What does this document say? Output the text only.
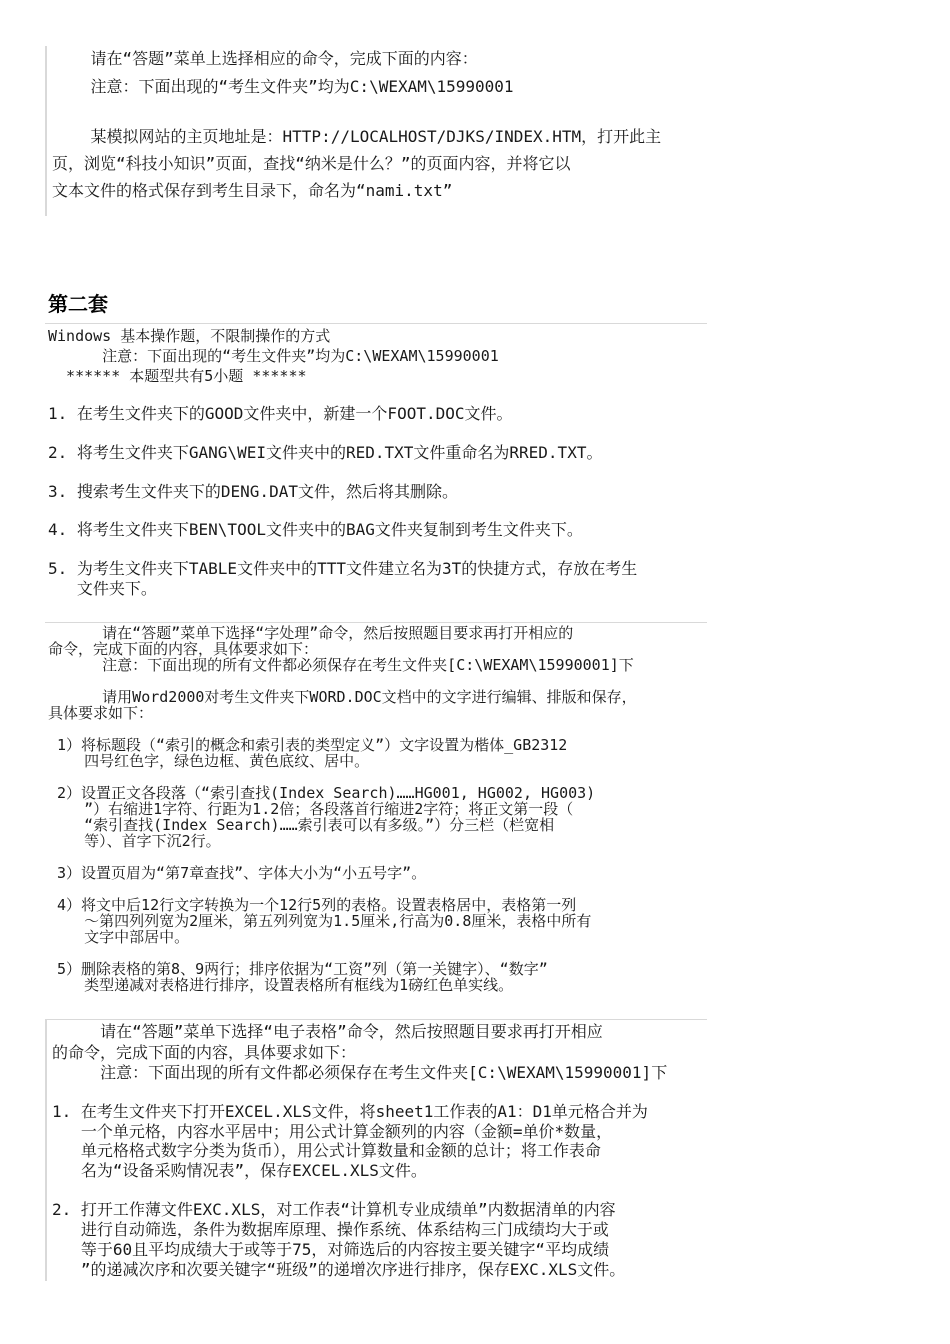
请在“答题”菜单上选择相应的命令，完成下面的内容：
注意：下面出现的“考生文件夹”均为C:\WEXAM\15990001
某模拟网站的主页地址是：HTTP://LOCALHOST/DJKS/INDEX.HTM，打开此主
页，浏览“科技小知识”页面，查找“纳米是什么？”的页面内容，并将它以
文本文件的格式保存到考生目录下，命名为“nami.txt”
第二套
Windows 基本操作题，不限制操作的方式
注意：下面出现的“考生文件夹”均为C:\WEXAM\15990001
****** 本题型共有5小题 ******
1. 在考生文件夹下的GOOD文件夹中，新建一个FOOT.DOC文件。
2. 将考生文件夹下GANG\WEI文件夹中的RED.TXT文件重命名为RRED.TXT。
3. 搜索考生文件夹下的DENG.DAT文件，然后将其删除。
4. 将考生文件夹下BEN\TOOL文件夹中的BAG文件夹复制到考生文件夹下。
5. 为考生文件夹下TABLE文件夹中的TTT文件建立名为3T的快捷方式，存放在考生
文件夹下。
请在“答题”菜单下选择“字处理”命令，然后按照题目要求再打开相应的
命令，完成下面的内容，具体要求如下：
注意：下面出现的所有文件都必须保存在考生文件夹[C:\WEXAM\15990001]下
请用Word2000对考生文件夹下WORD.DOC文档中的文字进行编辑、排版和保存，
具体要求如下：
1）将标题段（“索引的概念和索引表的类型定义”）文字设置为楷体_GB2312
四号红色字，绿色边框、黄色底纹、居中。
2）设置正文各段落（“索引查找(Index Search)……HG001, HG002, HG003)
”）右缩进1字符、行距为1.2倍；各段落首行缩进2字符；将正文第一段（
“索引查找(Index Search)……索引表可以有多级。”）分三栏（栏宽相
等）、首字下沉2行。
3）设置页眉为“第7章查找”、字体大小为“小五号字”。
4）将文中后12行文字转换为一个12行5列的表格。设置表格居中，表格第一列
～第四列列宽为2厘米，第五列列宽为1.5厘米,行高为0.8厘米，表格中所有
文字中部居中。
5）删除表格的第8、9两行；排序依据为“工资”列（第一关键字）、“数字”
类型递减对表格进行排序，设置表格所有框线为1磅红色单实线。
请在“答题”菜单下选择“电子表格”命令，然后按照题目要求再打开相应
的命令，完成下面的内容，具体要求如下：
注意：下面出现的所有文件都必须保存在考生文件夹[C:\WEXAM\15990001]下
1. 在考生文件夹下打开EXCEL.XLS文件，将sheet1工作表的A1：D1单元格合并为
一个单元格，内容水平居中；用公式计算金额列的内容（金额=单价*数量，
单元格格式数字分类为货币），用公式计算数量和金额的总计；将工作表命
名为“设备采购情况表”，保存EXCEL.XLS文件。
2. 打开工作薄文件EXC.XLS，对工作表“计算机专业成绩单”内数据清单的内容
进行自动筛选，条件为数据库原理、操作系统、体系结构三门成绩均大于或
等于60且平均成绩大于或等于75，对筛选后的内容按主要关键字“平均成绩
”的递减次序和次要关键字“班级”的递增次序进行排序，保存EXC.XLS文件。
